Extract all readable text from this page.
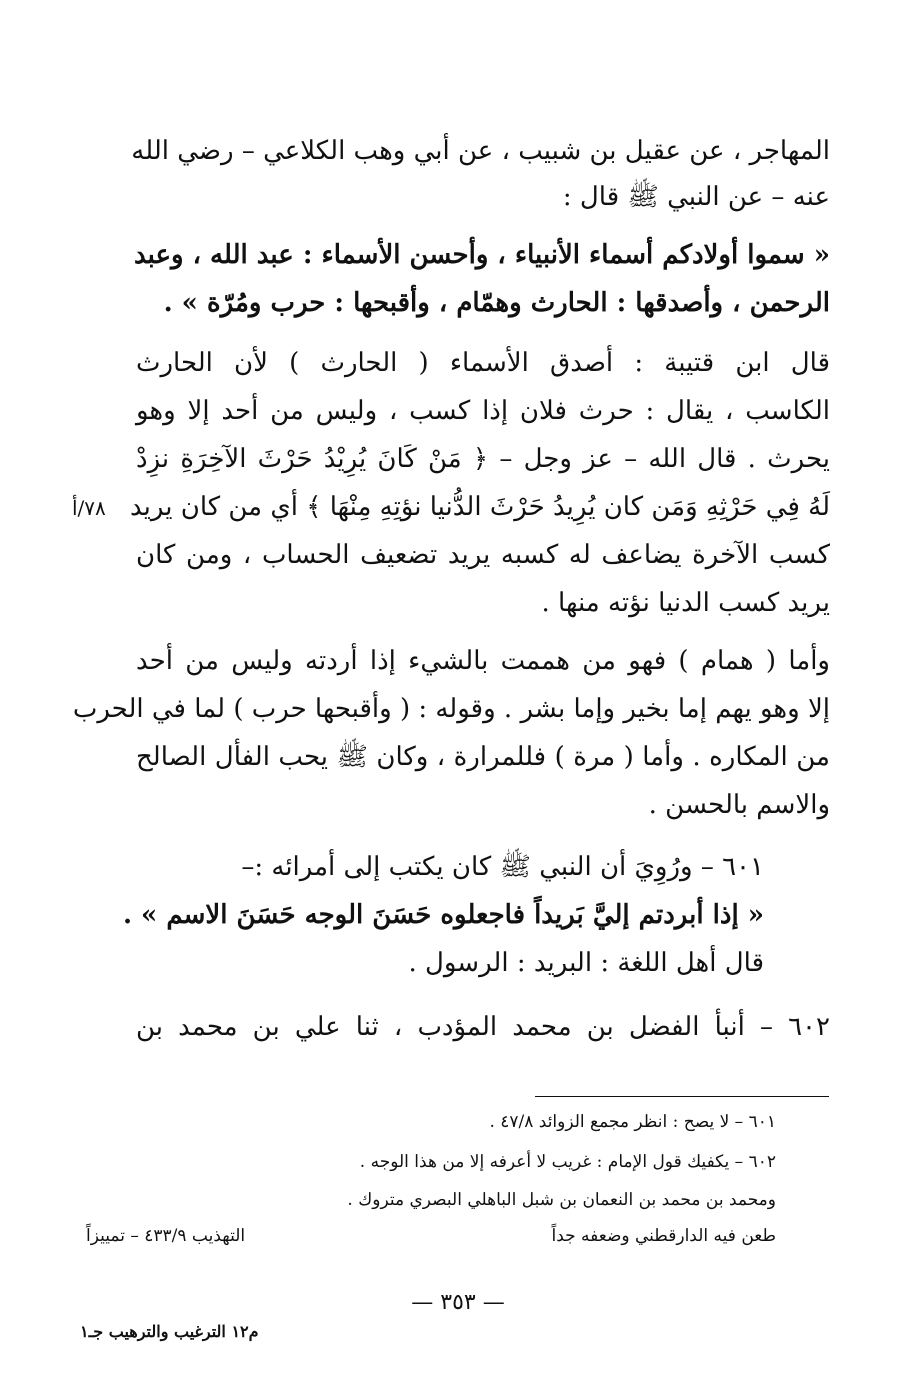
المهاجر ، عن عقيل بن شبيب ، عن أبي وهب الكلاعي – رضي الله
عنه – عن النبي ﷺ قال :
« سموا أولادكم أسماء الأنبياء ، وأحسن الأسماء : عبد الله ، وعبد
الرحمن ، وأصدقها : الحارث وهمّام ، وأقبحها : حرب ومُرّة » .
قال ابن قتيبة : أصدق الأسماء ( الحارث ) لأن الحارث
الكاسب ، يقال : حرث فلان إذا كسب ، وليس من أحد إلا وهو
يحرث . قال الله – عز وجل – ﴿ مَنْ كَانَ يُرِيْدُ حَرْثَ الآخِرَةِ نزِدْ
لَهُ فِي حَرْثِهِ وَمَن كان يُرِيدُ حَرْثَ الدُّنيا نؤتِهِ مِنْهَا ﴾ أي من كان يريد
كسب الآخرة يضاعف له كسبه يريد تضعيف الحساب ، ومن كان
يريد كسب الدنيا نؤته منها .
وأما ( همام ) فهو من هممت بالشيء إذا أردته وليس من أحد
إلا وهو يهم إما بخير وإما بشر . وقوله : ( وأقبحها حرب ) لما في الحرب
من المكاره . وأما ( مرة ) فللمرارة ، وكان ﷺ يحب الفأل الصالح
والاسم بالحسن .
٦٠١ – ورُوِيَ أن النبي ﷺ كان يكتب إلى أمرائه :–
« إذا أبردتم إليَّ بَريداً فاجعلوه حَسَنَ الوجه حَسَنَ الاسم » .
قال أهل اللغة : البريد : الرسول .
٦٠٢ – أنبأ الفضل بن محمد المؤدب ، ثنا علي بن محمد بن
٧٨/أ
٦٠١ – لا يصح : انظر مجمع الزوائد ٤٧/٨ .
٦٠٢ – يكفيك قول الإمام : غريب لا أعرفه إلا من هذا الوجه .
ومحمد بن محمد بن النعمان بن شبل الباهلي البصري متروك .
طعن فيه الدارقطني وضعفه جداً
التهذيب ٤٣٣/٩ – تمييزاً
— ٣٥٣ —
م١٢ الترغيب والترهيب جـ١
